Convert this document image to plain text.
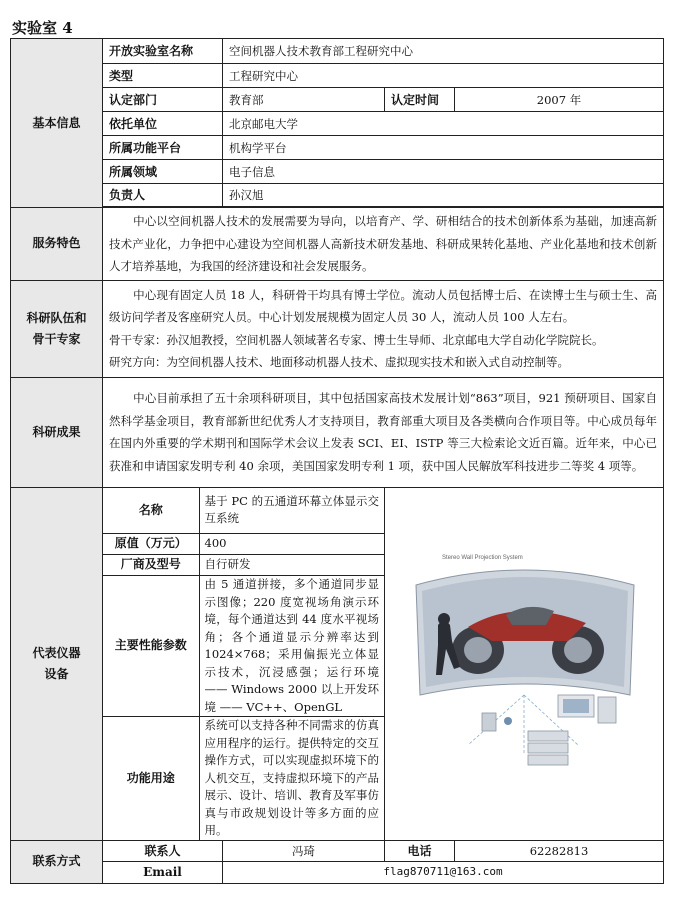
实验室 4
基本信息	开放实验室名称	空间机器人技术教育部工程研究中心
类型	工程研究中心
认定部门	教育部	认定时间	2007 年
依托单位	北京邮电大学
所属功能平台	机构学平台
所属领域	电子信息
负责人	孙汉旭

服务特色	

中心以空间机器人技术的发展需要为导向，以培育产、学、研相结合的技术创新体系为基础，加速高新技术产业化，力争把中心建设为空间机器人高新技术研发基地、科研成果转化基地、产业化基地和技术创新人才培养基地，为我国的经济建设和社会发展服务。

科研队伍和
骨干专家

中心现有固定人员 18 人，科研骨干均具有博士学位。流动人员包括博士后、在读博士生与硕士生、高级访问学者及客座研究人员。中心计划发展规模为固定人员 30 人，流动人员 100 人左右。

骨干专家：孙汉旭教授，空间机器人领域著名专家、博士生导师、北京邮电大学自动化学院院长。

研究方向：为空间机器人技术、地面移动机器人技术、虚拟现实技术和嵌入式自动控制等。

科研成果	

中心目前承担了五十余项科研项目，其中包括国家高技术发展计划“863”项目，921 预研项目、国家自然科学基金项目，教育部新世纪优秀人才支持项目，教育部重大项目及各类横向合作项目等。中心成员每年在国内外重要的学术期刊和国际学术会议上发表 SCI、EI、ISTP 等三大检索论文近百篇。近年来，中心已获准和申请国家发明专利 40 余项，美国国家发明专利 1 项，获中国人民解放军科技进步二等奖 4 项等。

代表仪器
设备

名称	基于 PC 的五通道环幕立体显示交互系统
原值（万元）	400
厂商及型号	自行研发
主要性能参数	由 5 通道拼接，多个通道同步显示图像；220 度宽视场角演示环境，每个通道达到 44 度水平视场角；各个通道显示分辨率达到 1024×768；采用偏振光立体显示技术，沉浸感强；运行环境 —— Windows 2000 以上开发环境 —— VC++、OpenGL
功能用途	系统可以支持各种不同需求的仿真应用程序的运行。提供特定的交互操作方式，可以实现虚拟环境下的人机交互，支持虚拟环境下的产品展示、设计、培训、教育及军事仿真与市政规划设计等多方面的应用。

Stereo Wall Projection System

联系方式	联系人	冯琦	电话	62282813
Email	flag870711@163.com
